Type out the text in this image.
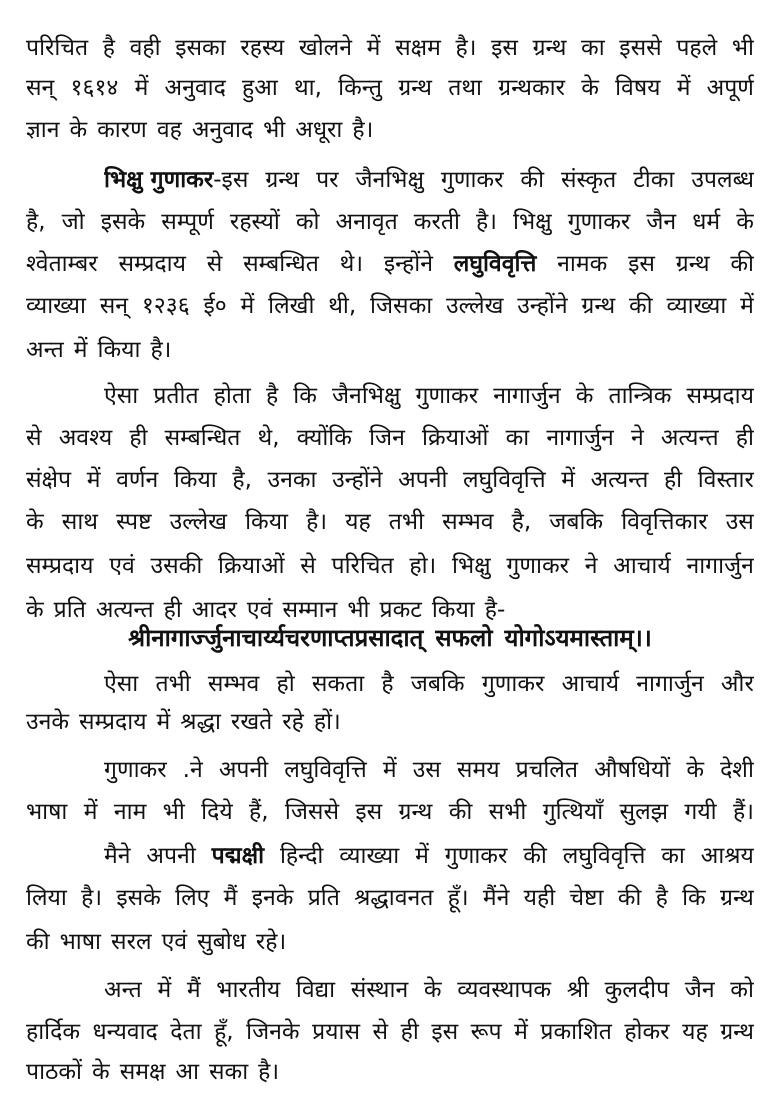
परिचित है वही इसका रहस्य खोलने में सक्षम है। इस ग्रन्थ का इससे पहले भी
सन् १६१४ में अनुवाद हुआ था, किन्तु ग्रन्थ तथा ग्रन्थकार के विषय में अपूर्ण
ज्ञान के कारण वह अनुवाद भी अधूरा है।
भिक्षु गुणाकर-इस ग्रन्थ पर जैनभिक्षु गुणाकर की संस्कृत टीका उपलब्ध
है, जो इसके सम्पूर्ण रहस्यों को अनावृत करती है। भिक्षु गुणाकर जैन धर्म के
श्वेताम्बर सम्प्रदाय से सम्बन्धित थे। इन्होंने लघुविवृत्ति नामक इस ग्रन्थ की
व्याख्या सन् १२३६ ई० में लिखी थी, जिसका उल्लेख उन्होंने ग्रन्थ की व्याख्या में
अन्त में किया है।
ऐसा प्रतीत होता है कि जैनभिक्षु गुणाकर नागार्जुन के तान्त्रिक सम्प्रदाय
से अवश्य ही सम्बन्धित थे, क्योंकि जिन क्रियाओं का नागार्जुन ने अत्यन्त ही
संक्षेप में वर्णन किया है, उनका उन्होंने अपनी लघुविवृत्ति में अत्यन्त ही विस्तार
के साथ स्पष्ट उल्लेख किया है। यह तभी सम्भव है, जबकि विवृत्तिकार उस
सम्प्रदाय एवं उसकी क्रियाओं से परिचित हो। भिक्षु गुणाकर ने आचार्य नागार्जुन
के प्रति अत्यन्त ही आदर एवं सम्मान भी प्रकट किया है-
श्रीनागार्ज्जुनाचार्य्यचरणाप्तप्रसादात् सफलो योगोऽयमास्ताम्।।
ऐसा तभी सम्भव हो सकता है जबकि गुणाकर आचार्य नागार्जुन और
उनके सम्प्रदाय में श्रद्धा रखते रहे हों।
गुणाकर .ने अपनी लघुविवृत्ति में उस समय प्रचलित औषधियों के देशी
भाषा में नाम भी दिये हैं, जिससे इस ग्रन्थ की सभी गुत्थियाँ सुलझ गयी हैं।
मैने अपनी पद्मक्षी हिन्दी व्याख्या में गुणाकर की लघुविवृत्ति का आश्रय
लिया है। इसके लिए मैं इनके प्रति श्रद्धावनत हूँ। मैंने यही चेष्टा की है कि ग्रन्थ
की भाषा सरल एवं सुबोध रहे।
अन्त में मैं भारतीय विद्या संस्थान के व्यवस्थापक श्री कुलदीप जैन को
हार्दिक धन्यवाद देता हूँ, जिनके प्रयास से ही इस रूप में प्रकाशित होकर यह ग्रन्थ
पाठकों के समक्ष आ सका है।
